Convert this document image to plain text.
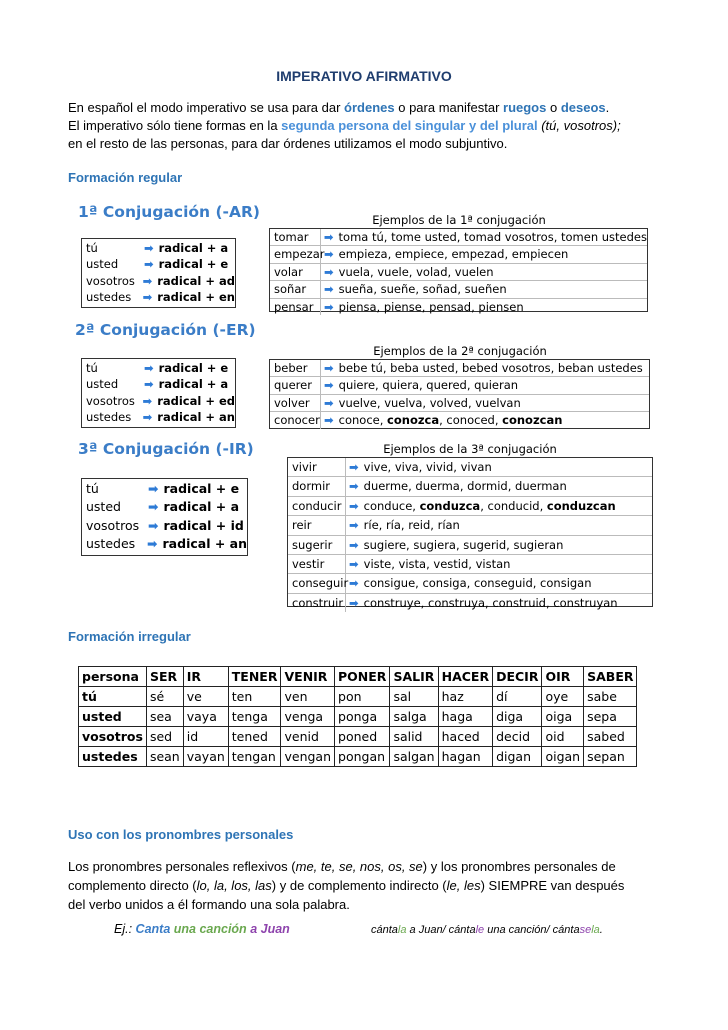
IMPERATIVO AFIRMATIVO
En español el modo imperativo se usa para dar órdenes o para manifestar ruegos o deseos.
El imperativo sólo tiene formas en la segunda persona del singular y del plural (tú, vosotros);
en el resto de las personas, para dar órdenes utilizamos el modo subjuntivo.
Formación regular
1ª Conjugación (-AR)
tú	➡ radical + a
usted	➡ radical + e
vosotros ➡ radical + ad
ustedes ➡ radical + en
Ejemplos de la 1ª conjugación
tomar	➡ toma tú, tome usted, tomad vosotros, tomen ustedes
empezar ➡ empieza, empiece, empezad, empiecen
volar	➡ vuela, vuele, volad, vuelen
soñar	➡ sueña, sueñe, soñad, sueñen
pensar ➡ piensa, piense, pensad, piensen
2ª Conjugación (-ER)
tú	➡ radical + e
usted	➡ radical + a
vosotros ➡ radical + ed
ustedes ➡ radical + an
Ejemplos de la 2ª conjugación
beber	➡ bebe tú, beba usted, bebed vosotros, beban ustedes
querer	➡ quiere, quiera, quered, quieran
volver	➡ vuelve, vuelva, volved, vuelvan
conocer ➡ conoce, conozca, conoced, conozcan
3ª Conjugación (-IR)
tú	➡ radical + e
usted	➡ radical + a
vosotros ➡ radical + id
ustedes ➡ radical + an
Ejemplos de la 3ª conjugación
vivir	➡ vive, viva, vivid, vivan
dormir	➡ duerme, duerma, dormid, duerman
conducir ➡ conduce, conduzca, conducid, conduzcan
reir	➡ ríe, ría, reid, rían
sugerir	➡ sugiere, sugiera, sugerid, sugieran
vestir	➡ viste, vista, vestid, vistan
conseguir ➡ consigue, consiga, conseguid, consigan
construir ➡ construye, construya, construid, construyan
Formación irregular
persona	SER	IR	TENER	VENIR	PONER	SALIR	HACER	DECIR	OIR	SABER
tú	sé	ve	ten	ven	pon	sal	haz	dí	oye	sabe
usted	sea	vaya	tenga	venga	ponga	salga	haga	diga	oiga	sepa
vosotros	sed	id	tened	venid	poned	salid	haced	decid	oid	sabed
ustedes	sean	vayan	tengan	vengan	pongan	salgan	hagan	digan	oigan	sepan
Uso con los pronombres personales
Los pronombres personales reflexivos (me, te, se, nos, os, se) y los pronombres personales de
complemento directo (lo, la, los, las) y de complemento indirecto (le, les) SIEMPRE van después
del verbo unidos a él formando una sola palabra.
Ej.: Canta una canción a Juan	cántala a Juan/ cántale una canción/ cántasela.
